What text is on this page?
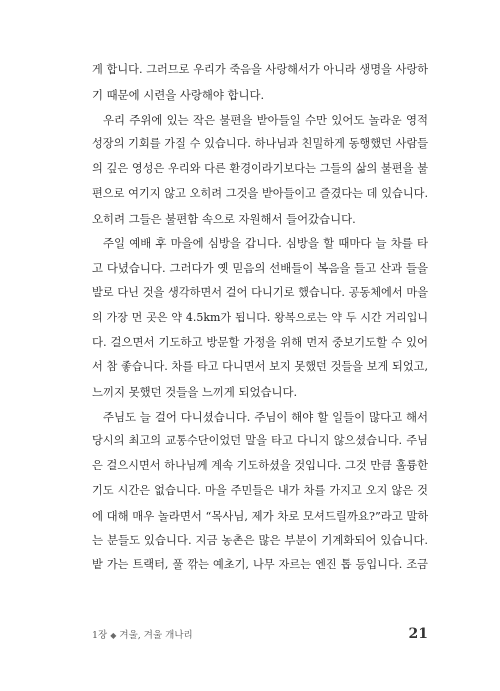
게 합니다. 그러므로 우리가 죽음을 사랑해서가 아니라 생명을 사랑하
기 때문에 시련을 사랑해야 합니다.
우리 주위에 있는 작은 불편을 받아들일 수만 있어도 놀라운 영적
성장의 기회를 가질 수 있습니다. 하나님과 친밀하게 동행했던 사람들
의 깊은 영성은 우리와 다른 환경이라기보다는 그들의 삶의 불편을 불
편으로 여기지 않고 오히려 그것을 받아들이고 즐겼다는 데 있습니다.
오히려 그들은 불편함 속으로 자원해서 들어갔습니다.
주일 예배 후 마을에 심방을 갑니다. 심방을 할 때마다 늘 차를 타
고 다녔습니다. 그러다가 옛 믿음의 선배들이 복음을 들고 산과 들을
발로 다닌 것을 생각하면서 걸어 다니기로 했습니다. 공동체에서 마을
의 가장 먼 곳은 약 4.5km가 됩니다. 왕복으로는 약 두 시간 거리입니
다. 걸으면서 기도하고 방문할 가정을 위해 먼저 중보기도할 수 있어
서 참 좋습니다. 차를 타고 다니면서 보지 못했던 것들을 보게 되었고,
느끼지 못했던 것들을 느끼게 되었습니다.
주님도 늘 걸어 다니셨습니다. 주님이 해야 할 일들이 많다고 해서
당시의 최고의 교통수단이었던 말을 타고 다니지 않으셨습니다. 주님
은 걸으시면서 하나님께 계속 기도하셨을 것입니다. 그것 만큼 훌륭한
기도 시간은 없습니다. 마을 주민들은 내가 차를 가지고 오지 않은 것
에 대해 매우 놀라면서 “목사님, 제가 차로 모셔드릴까요?”라고 말하
는 분들도 있습니다. 지금 농촌은 많은 부분이 기계화되어 있습니다.
밭 가는 트랙터, 풀 깎는 예초기, 나무 자르는 엔진 톱 등입니다. 조금
1장 ◆ 겨울, 겨울 개나리	21
